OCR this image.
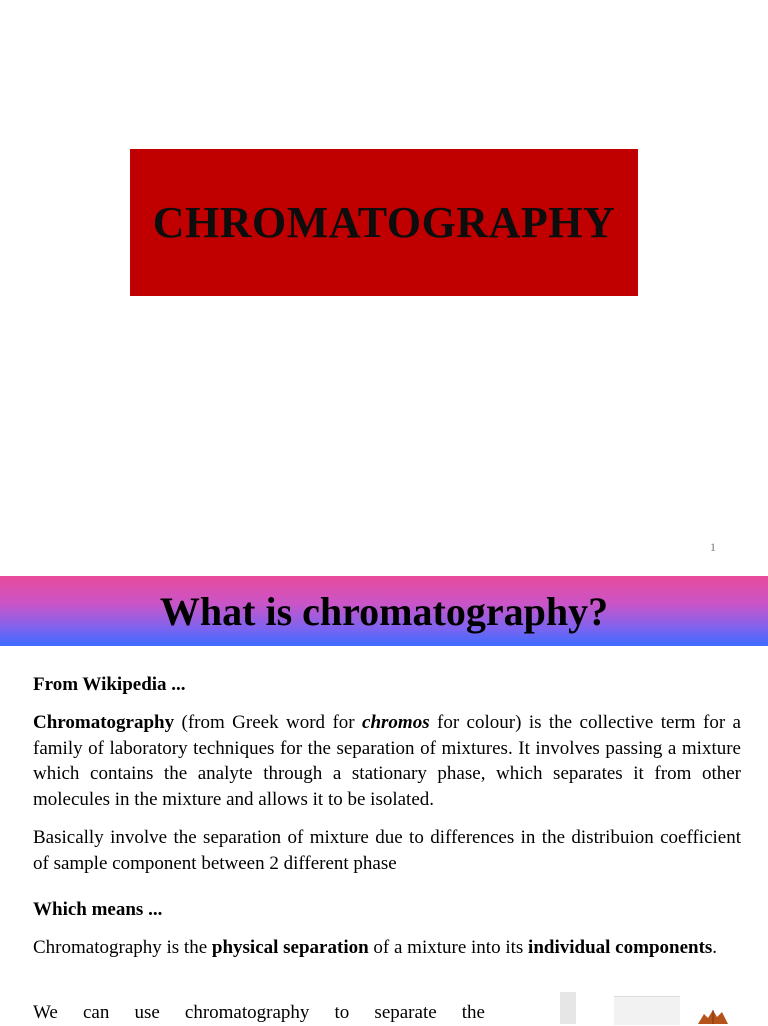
CHROMATOGRAPHY
1
What is chromatography?
From Wikipedia ...
Chromatography (from Greek word for chromos for colour) is the collective term for a family of laboratory techniques for the separation of mixtures. It involves passing a mixture which contains the analyte through a stationary phase, which separates it from other molecules in the mixture and allows it to be isolated.
Basically involve the separation of mixture due to differences in the distribuion coefficient of sample component between 2 different phase
Which means ...
Chromatography is the physical separation of a mixture into its individual components.
We can use chromatography to separate the
